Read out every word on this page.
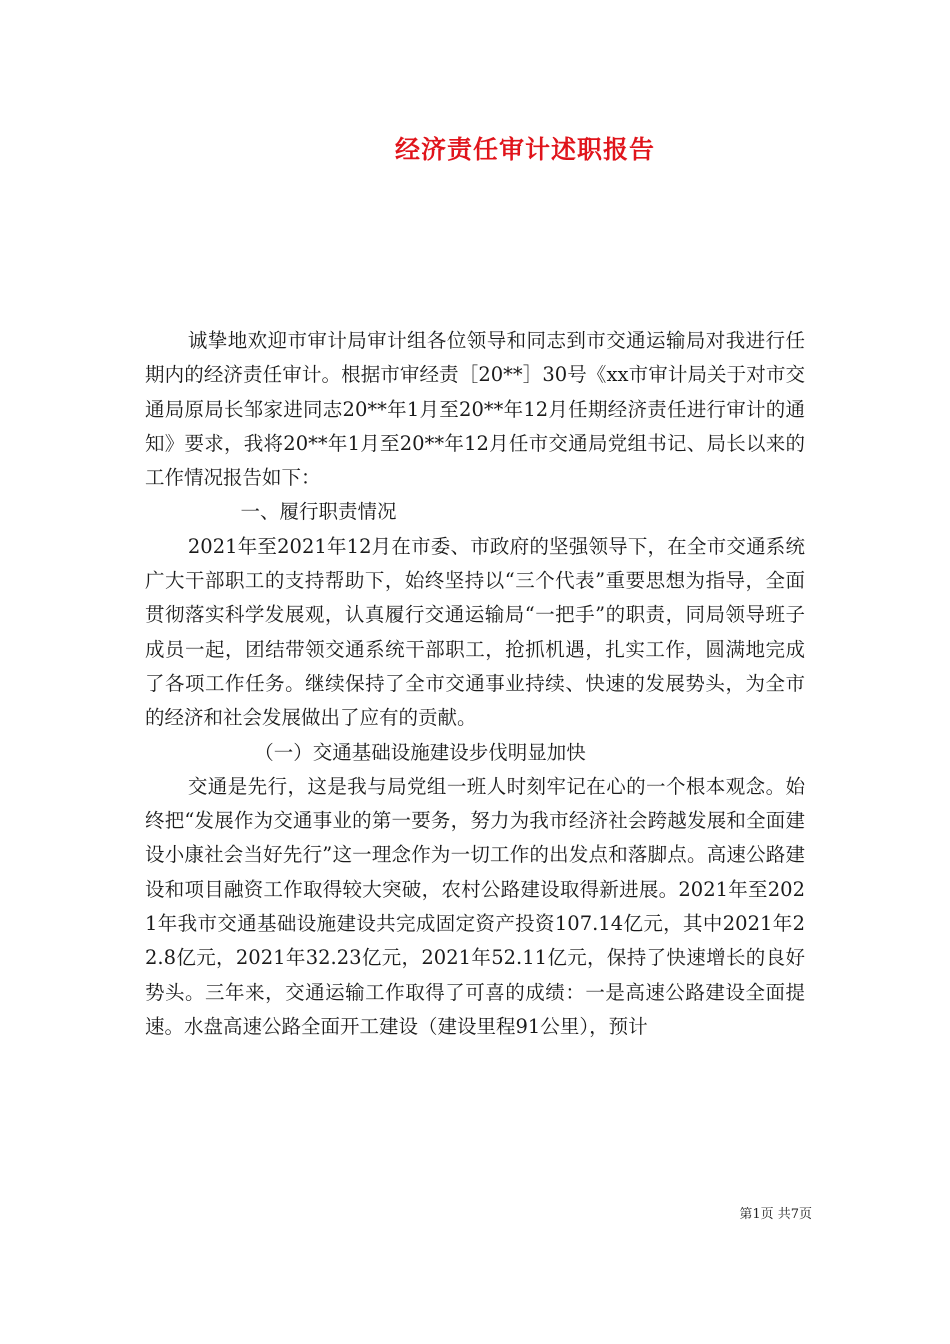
经济责任审计述职报告

诚挚地欢迎市审计局审计组各位领导和同志到市交通运输局对我进行任期内的经济责任审计。根据市审经责［20**］30号《xx市审计局关于对市交通局原局长邹家进同志20**年1月至20**年12月任期经济责任进行审计的通知》要求，我将20**年1月至20**年12月任市交通局党组书记、局长以来的工作情况报告如下：

一、履行职责情况

2021年至2021年12月在市委、市政府的坚强领导下，在全市交通系统广大干部职工的支持帮助下，始终坚持以“三个代表”重要思想为指导，全面贯彻落实科学发展观，认真履行交通运输局“一把手”的职责，同局领导班子成员一起，团结带领交通系统干部职工，抢抓机遇，扎实工作，圆满地完成了各项工作任务。继续保持了全市交通事业持续、快速的发展势头，为全市的经济和社会发展做出了应有的贡献。

（一）交通基础设施建设步伐明显加快

交通是先行，这是我与局党组一班人时刻牢记在心的一个根本观念。始终把“发展作为交通事业的第一要务，努力为我市经济社会跨越发展和全面建设小康社会当好先行”这一理念作为一切工作的出发点和落脚点。高速公路建设和项目融资工作取得较大突破，农村公路建设取得新进展。2021年至2021年我市交通基础设施建设共完成固定资产投资107.14亿元，其中2021年22.8亿元，2021年32.23亿元，2021年52.11亿元，保持了快速增长的良好势头。三年来，交通运输工作取得了可喜的成绩：一是高速公路建设全面提速。水盘高速公路全面开工建设（建设里程91公里），预计

第1页 共7页
